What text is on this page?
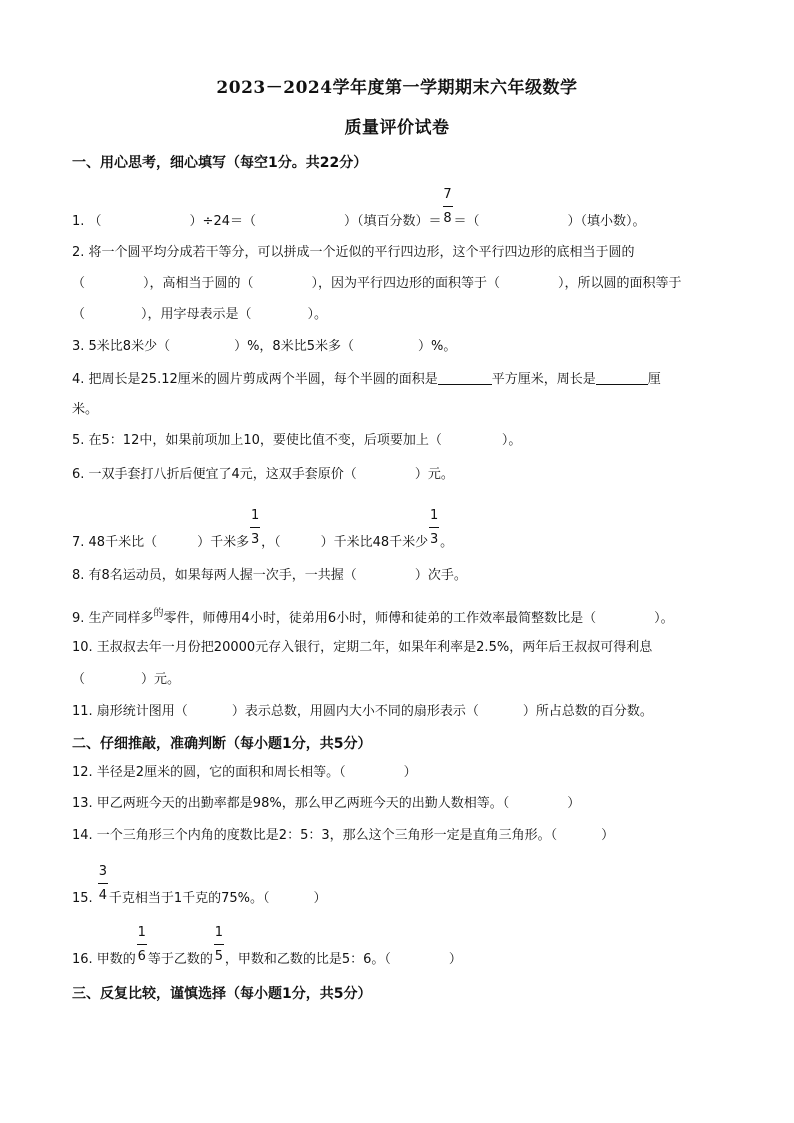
2023－2024学年度第一学期期末六年级数学
质量评价试卷
一、用心思考，细心填写（每空1分。共22分）
1. （	）÷24＝（	）（填百分数）＝ $\frac{7}{8}$ ＝（	）（填小数）。
2. 将一个圆平均分成若干等分，可以拼成一个近似的平行四边形，这个平行四边形的底相当于圆的
（	），高相当于圆的（	），因为平行四边形的面积等于（	），所以圆的面积等于
（	），用字母表示是（	）。
3. 5米比8米少（	）%，8米比5米多（	）%。
4. 把周长是25.12厘米的圆片剪成两个半圆，每个半圆的面积是	平方厘米，周长是	厘
米。
5. 在5：12中，如果前项加上10，要使比值不变，后项要加上（	）。
6. 一双手套打八折后便宜了4元，这双手套原价（	）元。
7. 48千米比（	）千米多 $\frac{1}{3}$ ，（	）千米比48千米少 $\frac{1}{3}$ 。
8. 有8名运动员，如果每两人握一次手，一共握（	）次手。
9. 生产同样多$^的$零件，师傅用4小时，徒弟用6小时，师傅和徒弟的工作效率最简整数比是（	）。
10. 王叔叔去年一月份把20000元存入银行，定期二年，如果年利率是2.5%，两年后王叔叔可得利息
（	）元。
11. 扇形统计图用（	）表示总数，用圆内大小不同的扇形表示（	）所占总数的百分数。
二、仔细推敲，准确判断（每小题1分，共5分）
12. 半径是2厘米的圆，它的面积和周长相等。（	）
13. 甲乙两班今天的出勤率都是98%，那么甲乙两班今天的出勤人数相等。（	）
14. 一个三角形三个内角的度数比是2：5：3，那么这个三角形一定是直角三角形。（	）
15. $\frac{3}{4}$ 千克相当于1千克的75%。（	）
16. 甲数的 $\frac{1}{6}$ 等于乙数的 $\frac{1}{5}$ ，甲数和乙数的比是5：6。（	）
三、反复比较，谨慎选择（每小题1分，共5分）
